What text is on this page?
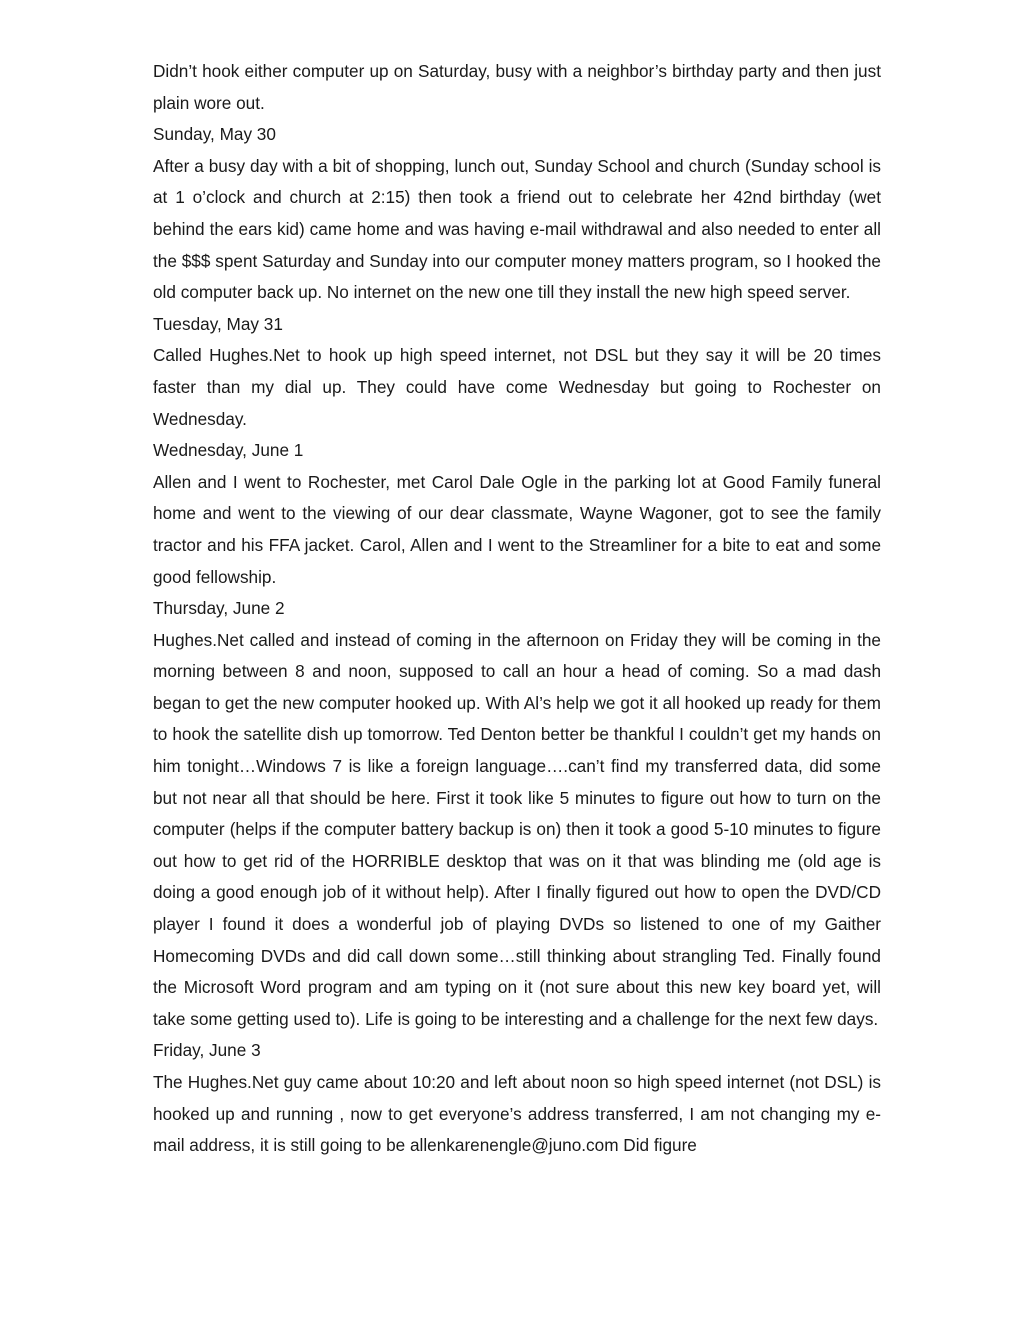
Didn’t hook either computer up on Saturday, busy with a neighbor’s birthday party and then just plain wore out.

Sunday, May 30

After a busy day with a bit of shopping, lunch out, Sunday School and church (Sunday school is at 1 o’clock and church at 2:15) then took a friend out to celebrate her 42nd birthday (wet behind the ears kid) came home and was having e-mail withdrawal and also needed to enter all the $$$ spent Saturday and Sunday into our computer money matters program, so I hooked the old computer back up. No internet on the new one till they install the new high speed server.

Tuesday, May 31

Called Hughes.Net to hook up high speed internet, not DSL but they say it will be 20 times faster than my dial up. They could have come Wednesday but going to Rochester on Wednesday.

Wednesday, June 1

Allen and I went to Rochester, met Carol Dale Ogle in the parking lot at Good Family funeral home and went to the viewing of our dear classmate, Wayne Wagoner, got to see the family tractor and his FFA jacket. Carol, Allen and I went to the Streamliner for a bite to eat and some good fellowship.

Thursday, June 2

Hughes.Net called and instead of coming in the afternoon on Friday they will be coming in the morning between 8 and noon, supposed to call an hour a head of coming. So a mad dash began to get the new computer hooked up. With Al’s help we got it all hooked up ready for them to hook the satellite dish up tomorrow. Ted Denton better be thankful I couldn’t get my hands on him tonight…Windows 7 is like a foreign language….can’t find my transferred data, did some but not near all that should be here. First it took like 5 minutes to figure out how to turn on the computer (helps if the computer battery backup is on) then it took a good 5-10 minutes to figure out how to get rid of the HORRIBLE desktop that was on it that was blinding me (old age is doing a good enough job of it without help). After I finally figured out how to open the DVD/CD player I found it does a wonderful job of playing DVDs so listened to one of my Gaither Homecoming DVDs and did call down some…still thinking about strangling Ted. Finally found the Microsoft Word program and am typing on it (not sure about this new key board yet, will take some getting used to). Life is going to be interesting and a challenge for the next few days.

Friday, June 3

The Hughes.Net guy came about 10:20 and left about noon so high speed internet (not DSL) is hooked up and running , now to get everyone’s address transferred, I am not changing my e-mail address, it is still going to be allenkarenengle@juno.com Did figure
